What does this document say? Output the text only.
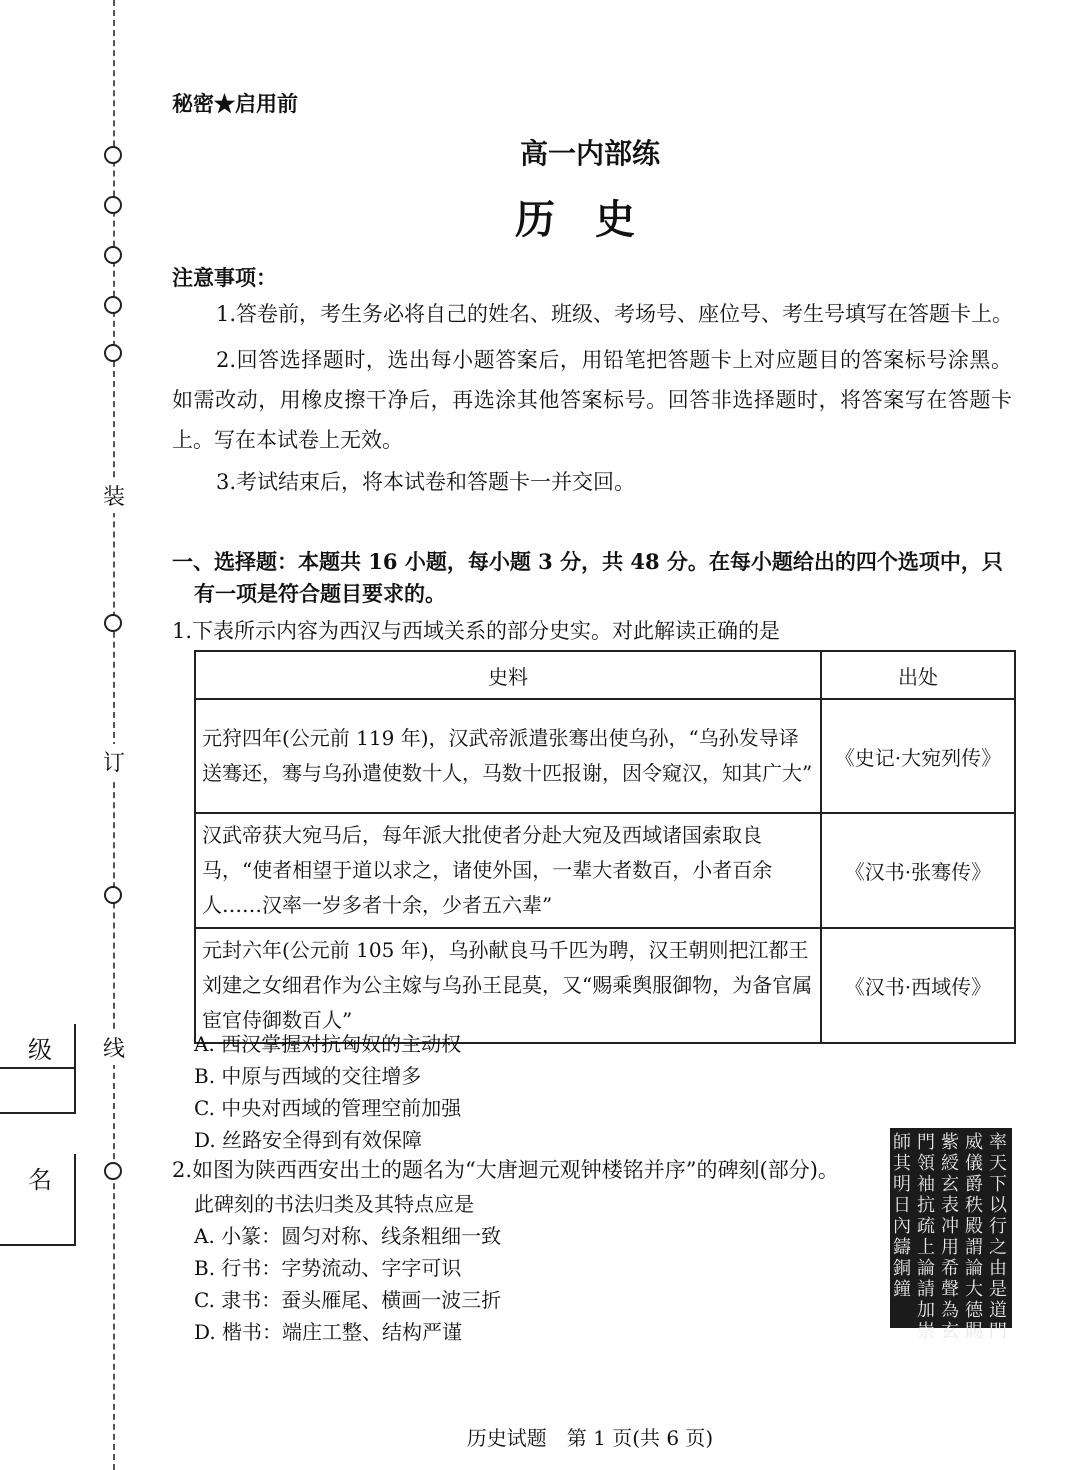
装
订
线
级
名
秘密★启用前
高一内部练
历史
注意事项：
1.答卷前，考生务必将自己的姓名、班级、考场号、座位号、考生号填写在答题卡上。
2.回答选择题时，选出每小题答案后，用铅笔把答题卡上对应题目的答案标号涂黑。如需改动，用橡皮擦干净后，再选涂其他答案标号。回答非选择题时，将答案写在答题卡上。写在本试卷上无效。
3.考试结束后，将本试卷和答题卡一并交回。
一、选择题：本题共 16 小题，每小题 3 分，共 48 分。在每小题给出的四个选项中，只
有一项是符合题目要求的。
1.下表所示内容为西汉与西域关系的部分史实。对此解读正确的是
史料	出处
元狩四年(公元前 119 年)，汉武帝派遣张骞出使乌孙，“乌孙发导译送骞还，骞与乌孙遣使数十人，马数十匹报谢，因令窥汉，知其广大”	《史记·大宛列传》
汉武帝获大宛马后，每年派大批使者分赴大宛及西域诸国索取良马，“使者相望于道以求之，诸使外国，一辈大者数百，小者百余人……汉率一岁多者十余，少者五六辈”	《汉书·张骞传》
元封六年(公元前 105 年)，乌孙献良马千匹为聘，汉王朝则把江都王刘建之女细君作为公主嫁与乌孙王昆莫，又“赐乘舆服御物，为备官属宦官侍御数百人”	《汉书·西域传》
A. 西汉掌握对抗匈奴的主动权
B. 中原与西域的交往增多
C. 中央对西域的管理空前加强
D. 丝路安全得到有效保障
2.如图为陕西西安出土的题名为“大唐迴元观钟楼铭并序”的碑刻(部分)。
此碑刻的书法归类及其特点应是
A. 小篆：圆匀对称、线条粗细一致
B. 行书：字势流动、字字可识
C. 隶书：蚕头雁尾、横画一波三折
D. 楷书：端庄工整、结构严谨
率天下以行之由是道門
威儀爵秩殿謂論大德賜
紫綬玄表冲用希聲為玄
門領袖抗疏上論請加崇
師其明日內鑄銅鐘
历史试题　第 1 页(共 6 页)
